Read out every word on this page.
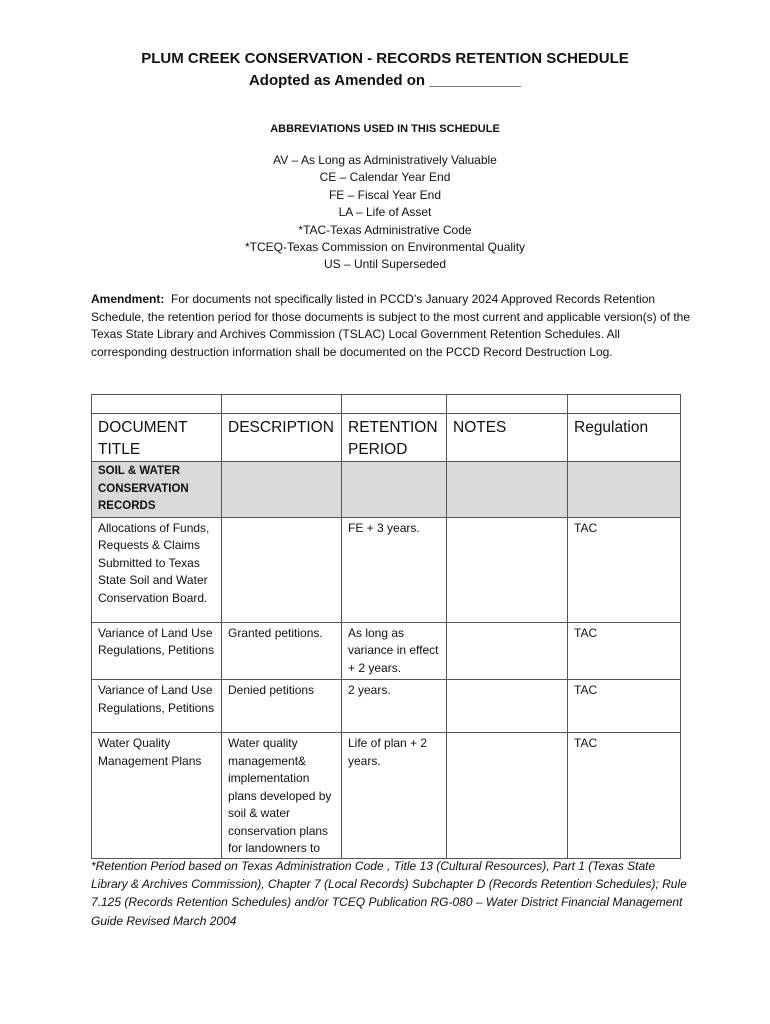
PLUM CREEK CONSERVATION - RECORDS RETENTION SCHEDULE
Adopted as Amended on ___________
ABBREVIATIONS USED IN THIS SCHEDULE
AV – As Long as Administratively Valuable
CE – Calendar Year End
FE – Fiscal Year End
LA – Life of Asset
*TAC-Texas Administrative Code
*TCEQ-Texas Commission on Environmental Quality
US – Until Superseded
Amendment: For documents not specifically listed in PCCD’s January 2024 Approved Records Retention Schedule, the retention period for those documents is subject to the most current and applicable version(s) of the Texas State Library and Archives Commission (TSLAC) Local Government Retention Schedules. All corresponding destruction information shall be documented on the PCCD Record Destruction Log.

DOCUMENT TITLE	DESCRIPTION	RETENTION PERIOD	NOTES	Regulation
SOIL & WATER CONSERVATION RECORDS				
Allocations of Funds, Requests & Claims Submitted to Texas State Soil and Water Conservation Board.		FE + 3 years.		TAC
Variance of Land Use Regulations, Petitions	Granted petitions.	As long as variance in effect + 2 years.		TAC
Variance of Land Use Regulations, Petitions	Denied petitions	2 years.		TAC
Water Quality Management Plans	Water quality management& implementation plans developed by soil & water conservation plans for landowners to	Life of plan + 2 years.		TAC
*Retention Period based on Texas Administration Code , Title 13 (Cultural Resources), Part 1 (Texas State Library & Archives Commission), Chapter 7 (Local Records) Subchapter D (Records Retention Schedules); Rule 7.125 (Records Retention Schedules) and/or TCEQ Publication RG-080 – Water District Financial Management Guide Revised March 2004
